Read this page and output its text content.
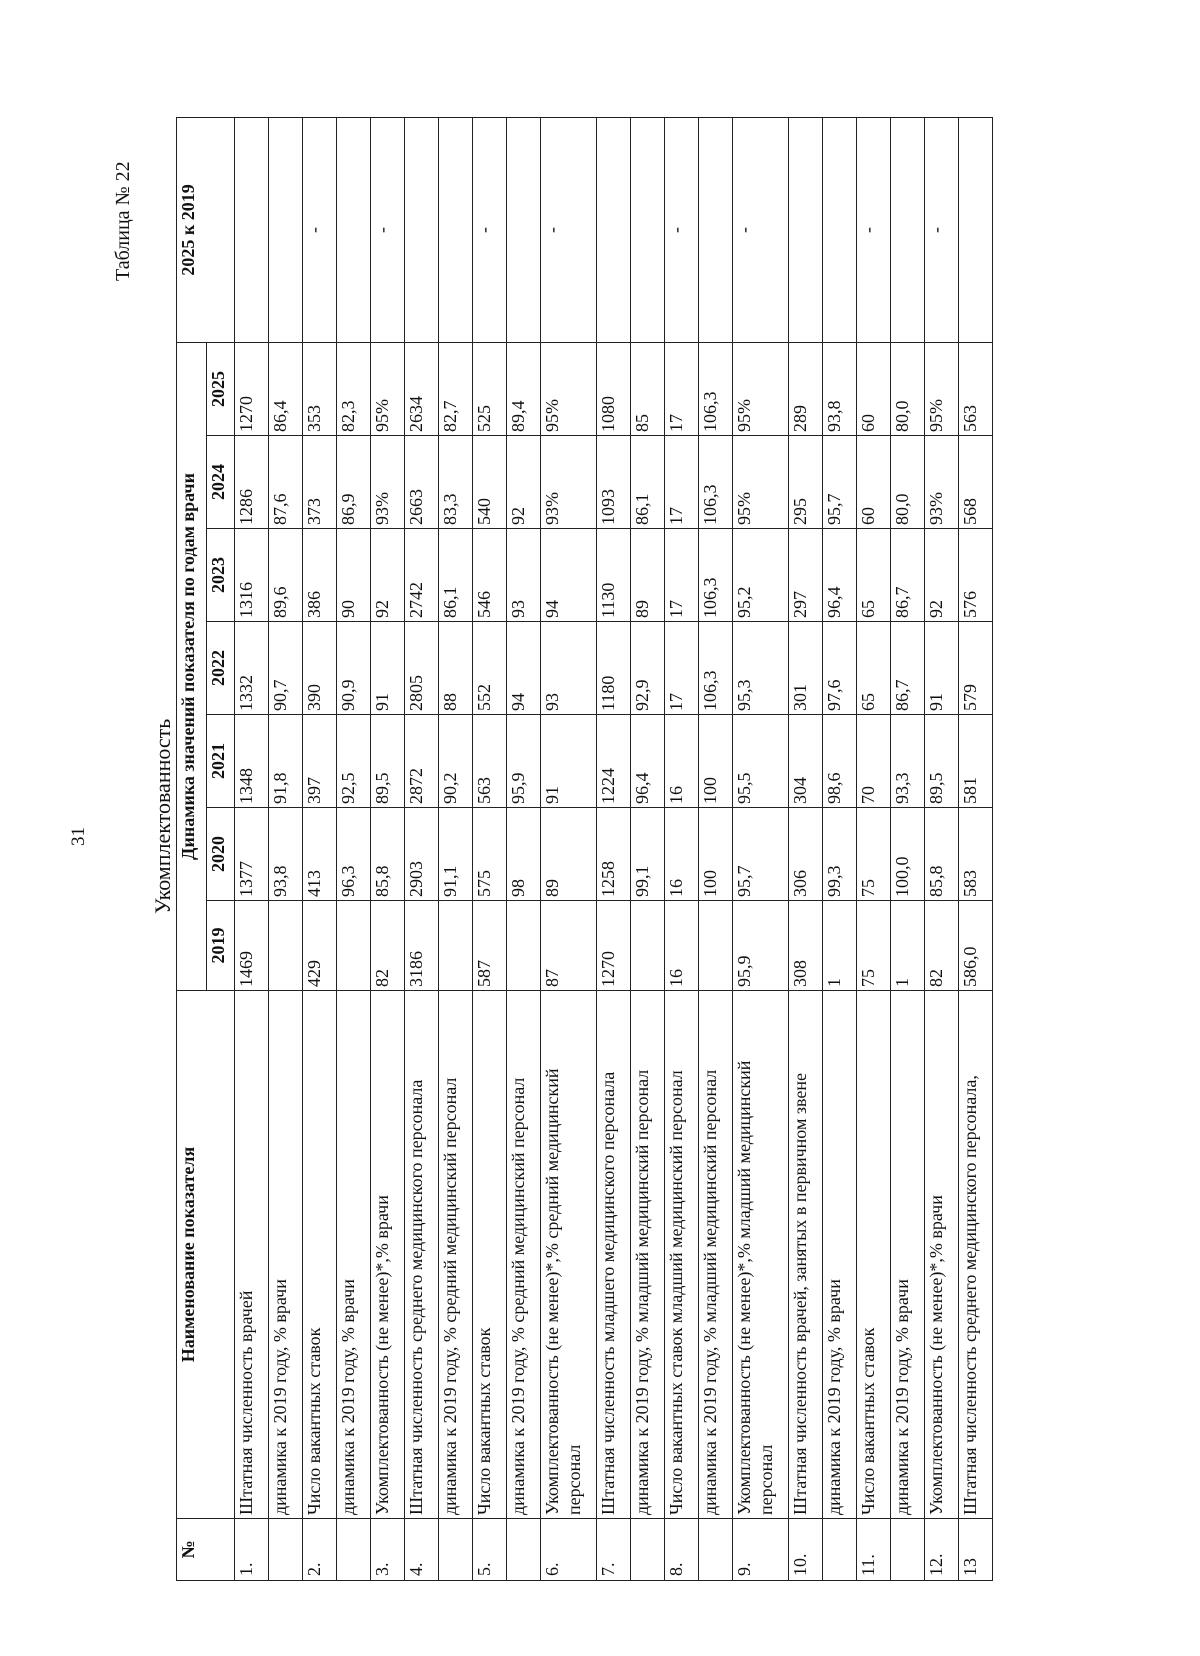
31
Таблица № 22
Укомплектованность
№	Наименование показателя	Динамика значений показателя по годам врачи							2025 к 2019
		2019	2020	2021	2022	2023	2024	2025	
1.	Штатная численность врачей	1469	1377	1348	1332	1316	1286	1270	
	динамика к 2019 году, % врачи		93,8	91,8	90,7	89,6	87,6	86,4	
2.	Число вакантных ставок	429	413	397	390	386	373	353	-
	динамика к 2019 году, % врачи		96,3	92,5	90,9	90	86,9	82,3	
3.	Укомплектованность (не менее)*,% врачи	82	85,8	89,5	91	92	93%	95%	-
4.	Штатная численность среднего медицинского персонала	3186	2903	2872	2805	2742	2663	2634	
	динамика к 2019 году, % средний медицинский персонал		91,1	90,2	88	86,1	83,3	82,7	
5.	Число вакантных ставок	587	575	563	552	546	540	525	-
	динамика к 2019 году, % средний медицинский персонал		98	95,9	94	93	92	89,4	
6.	Укомплектованность (не менее)*,% средний медицинский персонал	87	89	91	93	94	93%	95%	-
7.	Штатная численность младшего медицинского персонала	1270	1258	1224	1180	1130	1093	1080	
	динамика к 2019 году, % младший медицинский персонал		99,1	96,4	92,9	89	86,1	85	
8.	Число вакантных ставок младший медицинский персонал	16	16	16	17	17	17	17	-
	динамика к 2019 году, % младший медицинский персонал		100	100	106,3	106,3	106,3	106,3	
9.	Укомплектованность (не менее)*,% младший медицинский персонал	95,9	95,7	95,5	95,3	95,2	95%	95%	-
10.	Штатная численность врачей, занятых в первичном звене	308	306	304	301	297	295	289	
	динамика к 2019 году, % врачи	1	99,3	98,6	97,6	96,4	95,7	93,8	
11.	Число вакантных ставок	75	75	70	65	65	60	60	-
	динамика к 2019 году, % врачи	1	100,0	93,3	86,7	86,7	80,0	80,0	
12.	Укомплектованность (не менее)*,% врачи	82	85,8	89,5	91	92	93%	95%	-
13	Штатная численность среднего медицинского персонала,	586,0	583	581	579	576	568	563	
